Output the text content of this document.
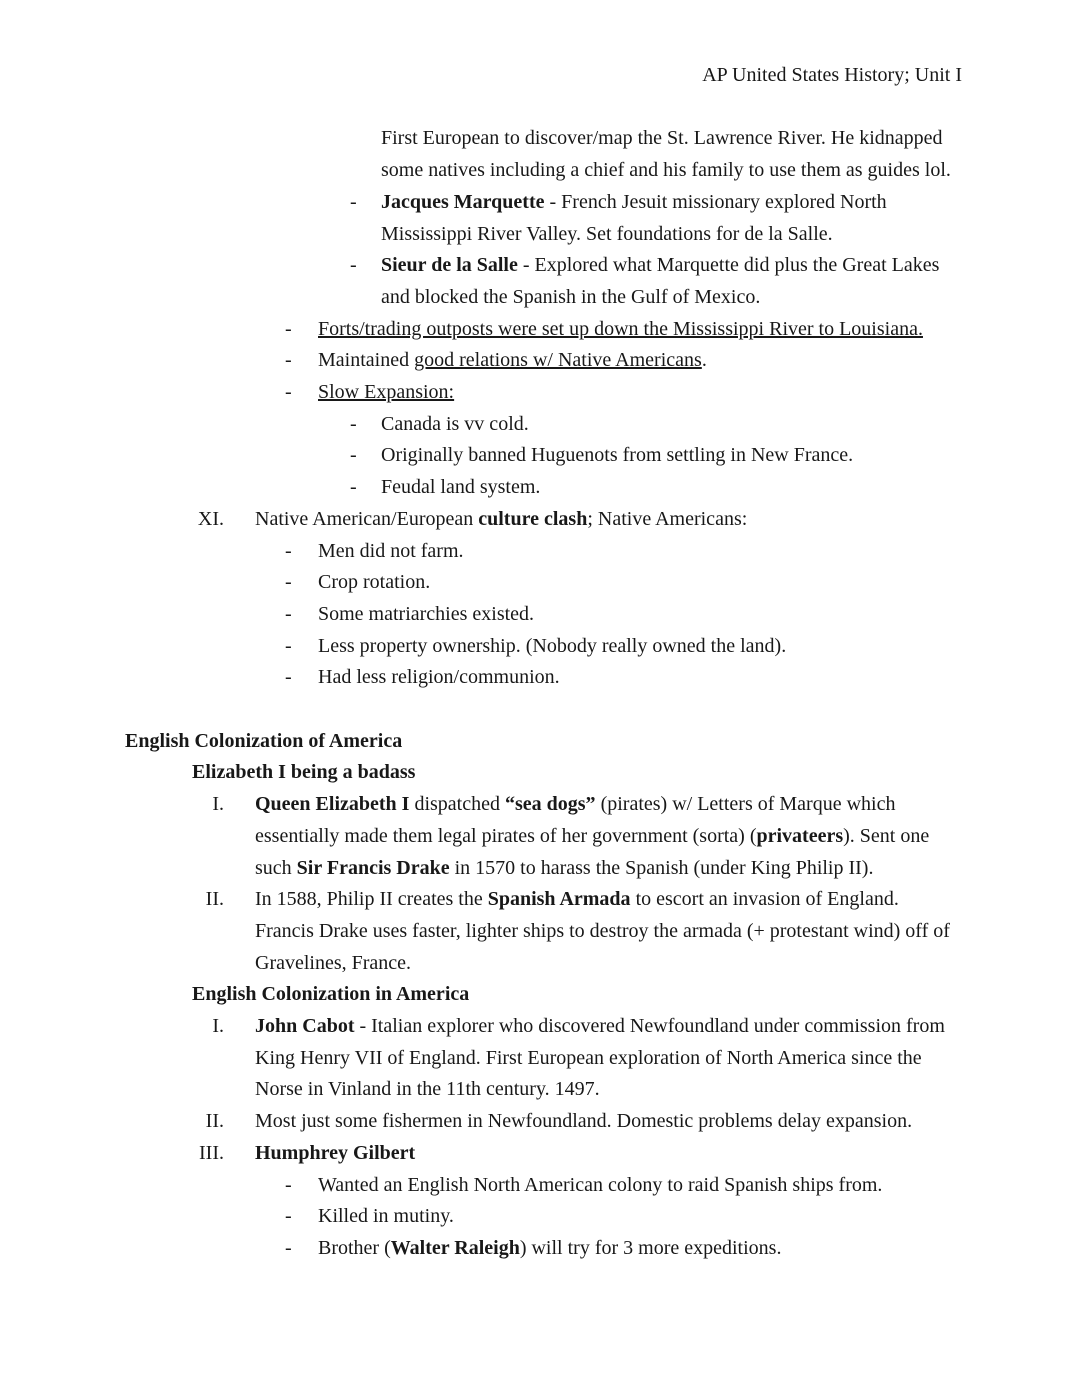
AP United States History; Unit I
First European to discover/map the St. Lawrence River. He kidnapped some natives including a chief and his family to use them as guides lol.
-	Jacques Marquette - French Jesuit missionary explored North Mississippi River Valley. Set foundations for de la Salle.
-	Sieur de la Salle - Explored what Marquette did plus the Great Lakes and blocked the Spanish in the Gulf of Mexico.
-	Forts/trading outposts were set up down the Mississippi River to Louisiana.
-	Maintained good relations w/ Native Americans.
-	Slow Expansion:
-	Canada is vv cold.
-	Originally banned Huguenots from settling in New France.
-	Feudal land system.
XI.	Native American/European culture clash; Native Americans:
-	Men did not farm.
-	Crop rotation.
-	Some matriarchies existed.
-	Less property ownership. (Nobody really owned the land).
-	Had less religion/communion.
English Colonization of America
Elizabeth I being a badass
I.	Queen Elizabeth I dispatched “sea dogs” (pirates) w/ Letters of Marque which essentially made them legal pirates of her government (sorta) (privateers). Sent one such Sir Francis Drake in 1570 to harass the Spanish (under King Philip II).
II.	In 1588, Philip II creates the Spanish Armada to escort an invasion of England. Francis Drake uses faster, lighter ships to destroy the armada (+ protestant wind) off of Gravelines, France.
English Colonization in America
I.	John Cabot - Italian explorer who discovered Newfoundland under commission from King Henry VII of England. First European exploration of North America since the Norse in Vinland in the 11th century. 1497.
II.	Most just some fishermen in Newfoundland. Domestic problems delay expansion.
III.	Humphrey Gilbert
-	Wanted an English North American colony to raid Spanish ships from.
-	Killed in mutiny.
-	Brother (Walter Raleigh) will try for 3 more expeditions.
